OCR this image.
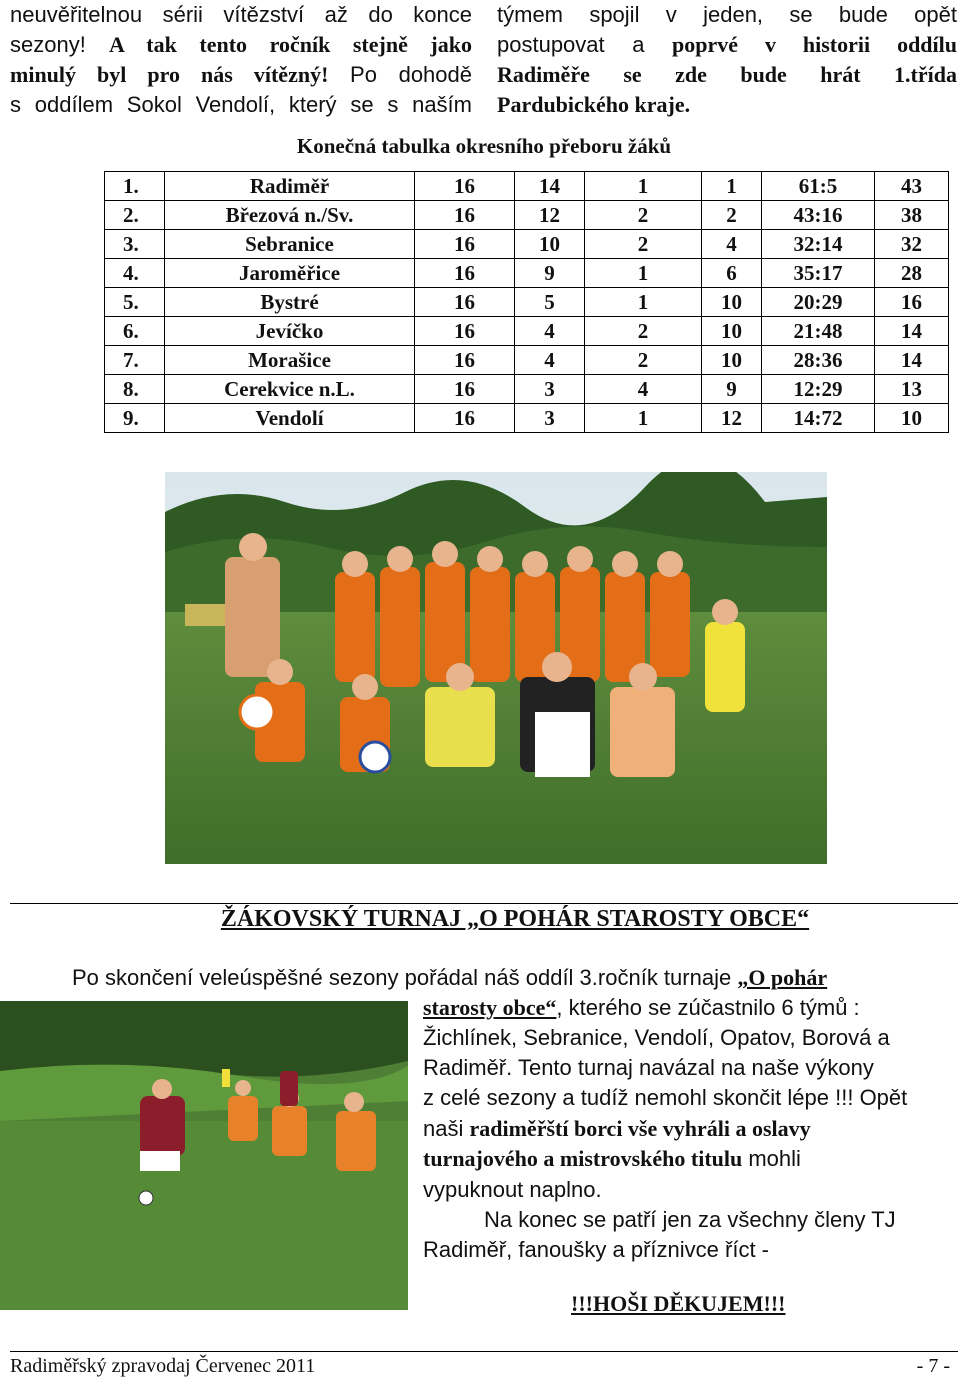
neuvěřitelnou sérii vítězství až do konce
sezony! A tak tento ročník stejně jako
minulý byl pro nás vítězný! Po dohodě
s oddílem Sokol Vendolí, který se s naším
týmem spojil v jeden, se bude opět
postupovat a poprvé v historii oddílu
Radiměře se zde bude hrát 1.třída
Pardubického kraje.
Konečná tabulka okresního přeboru žáků
1.	Radiměř	16	14	1	1	61:5	43
2.	Březová n./Sv.	16	12	2	2	43:16	38
3.	Sebranice	16	10	2	4	32:14	32
4.	Jaroměřice	16	9	1	6	35:17	28
5.	Bystré	16	5	1	10	20:29	16
6.	Jevíčko	16	4	2	10	21:48	14
7.	Morašice	16	4	2	10	28:36	14
8.	Cerekvice n.L.	16	3	4	9	12:29	13
9.	Vendolí	16	3	1	12	14:72	10
ŽÁKOVSKÝ TURNAJ „O POHÁR STAROSTY OBCE“
Po skončení veleúspěšné sezony pořádal náš oddíl 3.ročník turnaje „O pohár
starosty obce“, kterého se zúčastnilo 6 týmů :
Žichlínek, Sebranice, Vendolí, Opatov, Borová a
Radiměř. Tento turnaj navázal na naše výkony
z celé sezony a tudíž nemohl skončit lépe !!! Opět
naši radiměřští borci vše vyhráli a oslavy
turnajového a mistrovského titulu mohli
vypuknout naplno.
Na konec se patří jen za všechny členy TJ
Radiměř, fanoušky a příznivce říct -
!!!HOŠI DĚKUJEM!!!
Radiměřský zpravodaj Červenec 2011	- 7 -
